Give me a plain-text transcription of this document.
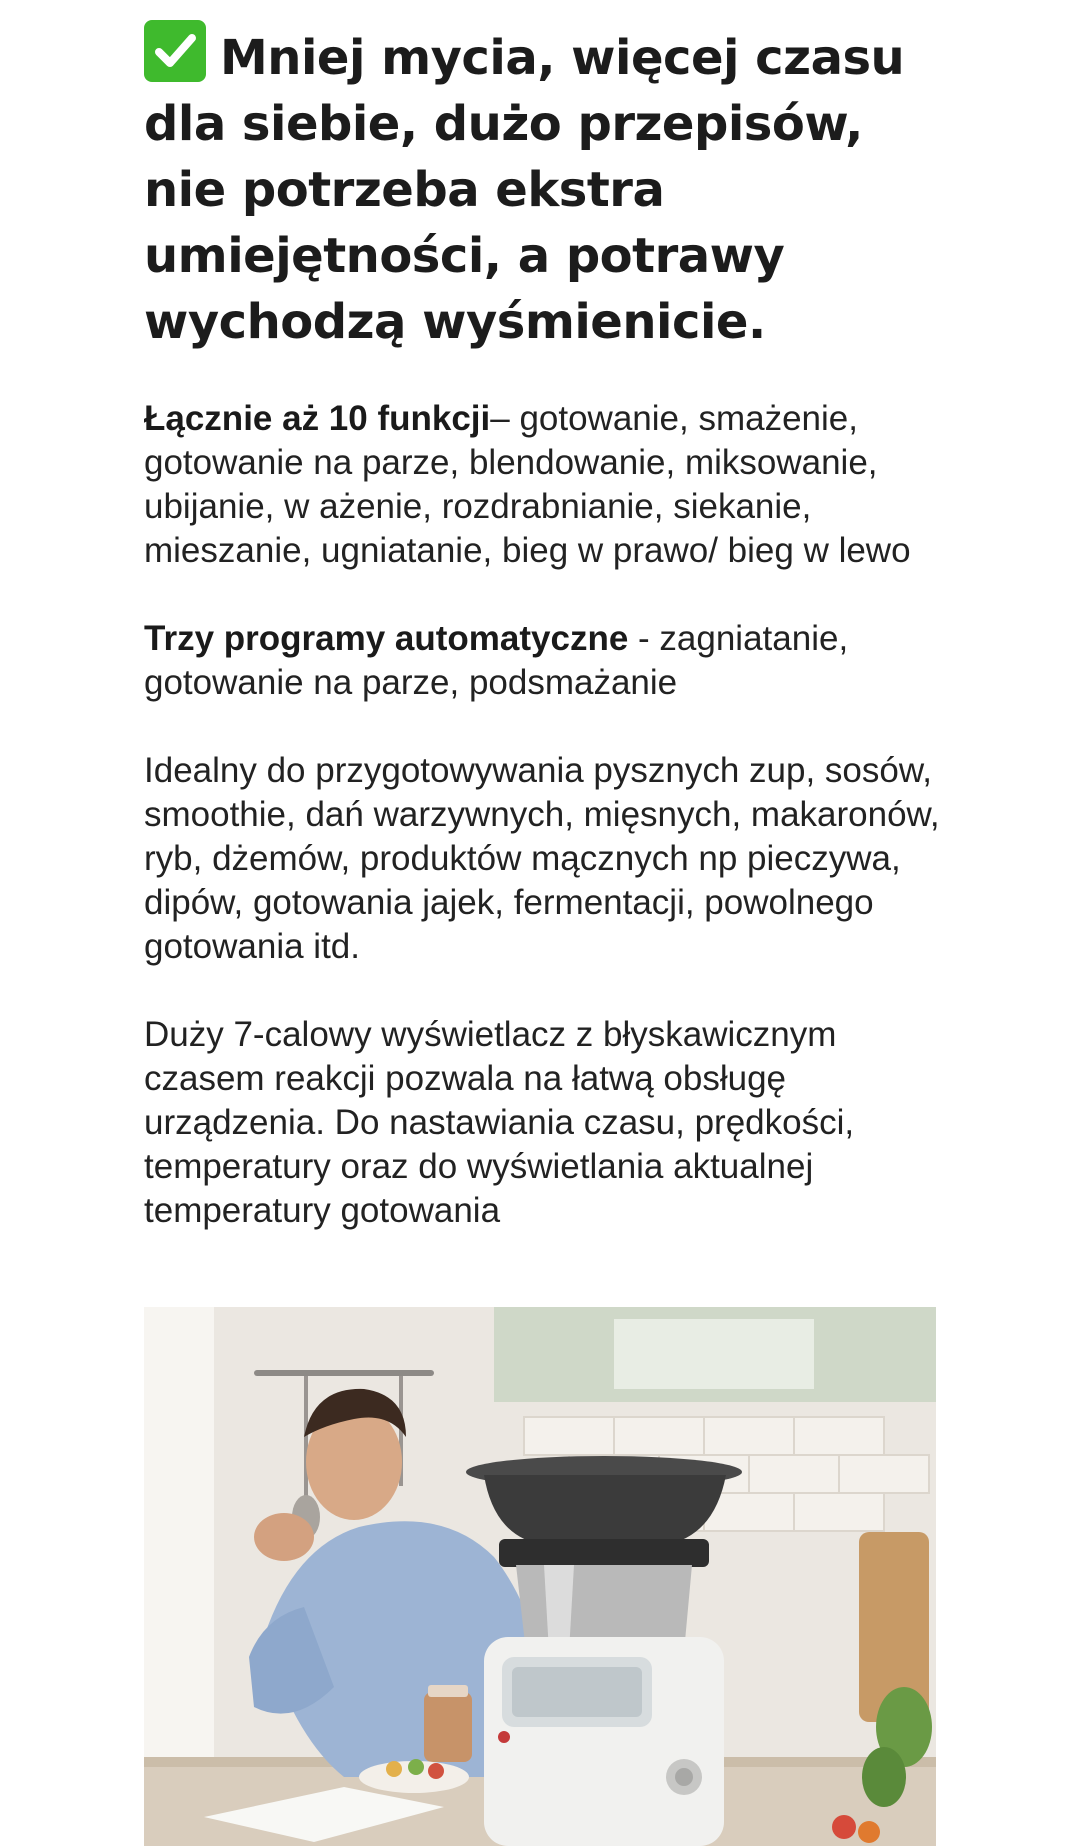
Mniej mycia, więcej czasu dla siebie, dużo przepisów, nie potrzeba ekstra umiejętności, a potrawy wychodzą wyśmienicie.

Łącznie aż 10 funkcji– gotowanie, smażenie, gotowanie na parze, blendowanie, miksowanie, ubijanie, w ażenie, rozdrabnianie, siekanie, mieszanie, ugniatanie, bieg w prawo/ bieg w lewo

Trzy programy automatyczne - zagniatanie, gotowanie na parze, podsmażanie

Idealny do przygotowywania pysznych zup, sosów, smoothie, dań warzywnych, mięsnych, makaronów, ryb, dżemów, produktów mącznych np pieczywa, dipów, gotowania jajek, fermentacji, powolnego gotowania itd.

Duży 7-calowy wyświetlacz z błyskawicznym czasem reakcji pozwala na łatwą obsługę urządzenia. Do nastawiania czasu, prędkości, temperatury oraz do wyświetlania aktualnej temperatury gotowania
